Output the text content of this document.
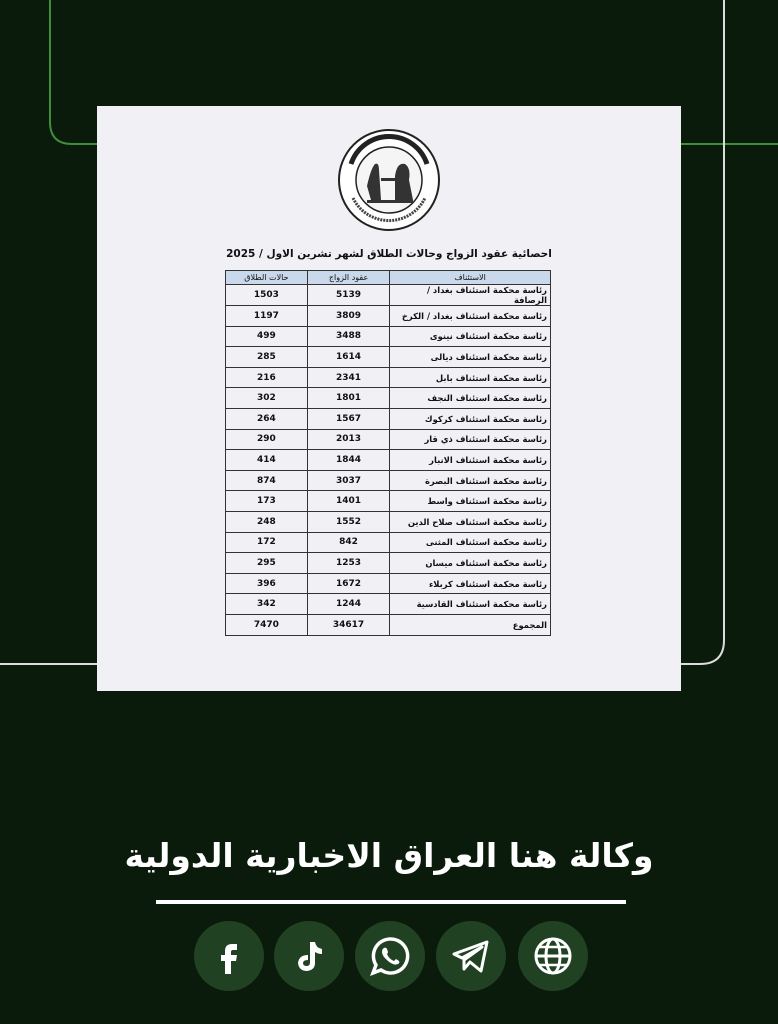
احصائية عقود الزواج وحالات الطلاق لشهر تشرين الاول / 2025
الاستئناف	عقود الزواج	حالات الطلاق
رئاسة محكمة استئناف بغداد / الرصافة	5139	1503
رئاسة محكمة استئناف بغداد / الكرخ	3809	1197
رئاسة محكمة استئناف نينوى	3488	499
رئاسة محكمة استئناف ديالى	1614	285
رئاسة محكمة استئناف بابل	2341	216
رئاسة محكمة استئناف النجف	1801	302
رئاسة محكمة استئناف كركوك	1567	264
رئاسة محكمة استئناف ذي قار	2013	290
رئاسة محكمة استئناف الانبار	1844	414
رئاسة محكمة استئناف البصرة	3037	874
رئاسة محكمة استئناف واسط	1401	173
رئاسة محكمة استئناف صلاح الدين	1552	248
رئاسة محكمة استئناف المثنى	842	172
رئاسة محكمة استئناف ميسان	1253	295
رئاسة محكمة استئناف كربلاء	1672	396
رئاسة محكمة استئناف القادسية	1244	342
المجموع	34617	7470
وكالة هنا العراق الاخبارية الدولية
